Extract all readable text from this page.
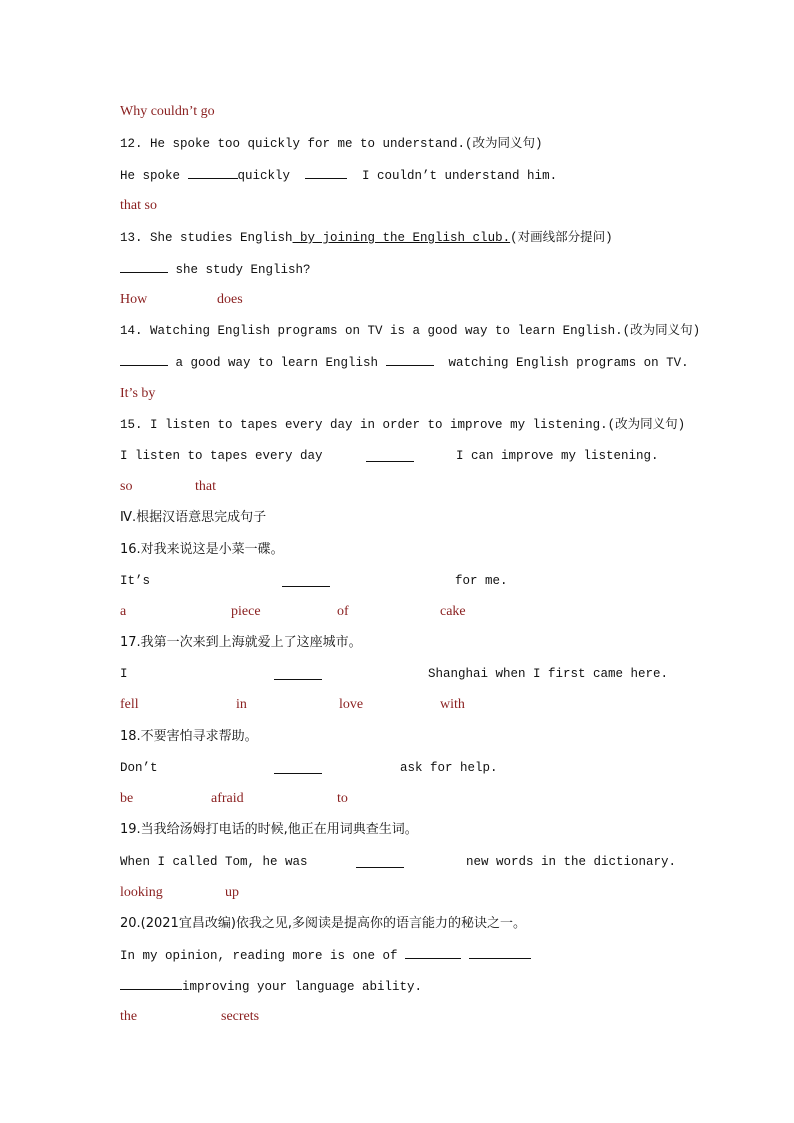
Why couldn’t go
12. He spoke too quickly for me to understand.(改为同义句)
He spoke	quickly	I couldn’t understand him.
that so
13. She studies English by joining the English club.(对画线部分提问)
she study English?
How	does
14. Watching English programs on TV is a good way to learn English.(改为同义句)
a good way to learn English	watching English programs on TV.
It’s by
15. I listen to tapes every day in order to improve my listening.(改为同义句)
I listen to tapes every day	I can improve my listening.
so	that
Ⅳ.根据汉语意思完成句子
16.对我来说这是小菜一碟。
It’s	for me.
a	piece	of	cake
17.我第一次来到上海就爱上了这座城市。
I	Shanghai when I first came here.
fell	in	love	with
18.不要害怕寻求帮助。
Don’t	ask for help.
be	afraid	to
19.当我给汤姆打电话的时候,他正在用词典查生词。
When I called Tom, he was	new words in the dictionary.
looking	up
20.(2021宜昌改编)依我之见,多阅读是提高你的语言能力的秘诀之一。
In my opinion, reading more is one of
improving your language ability.
the	secrets
